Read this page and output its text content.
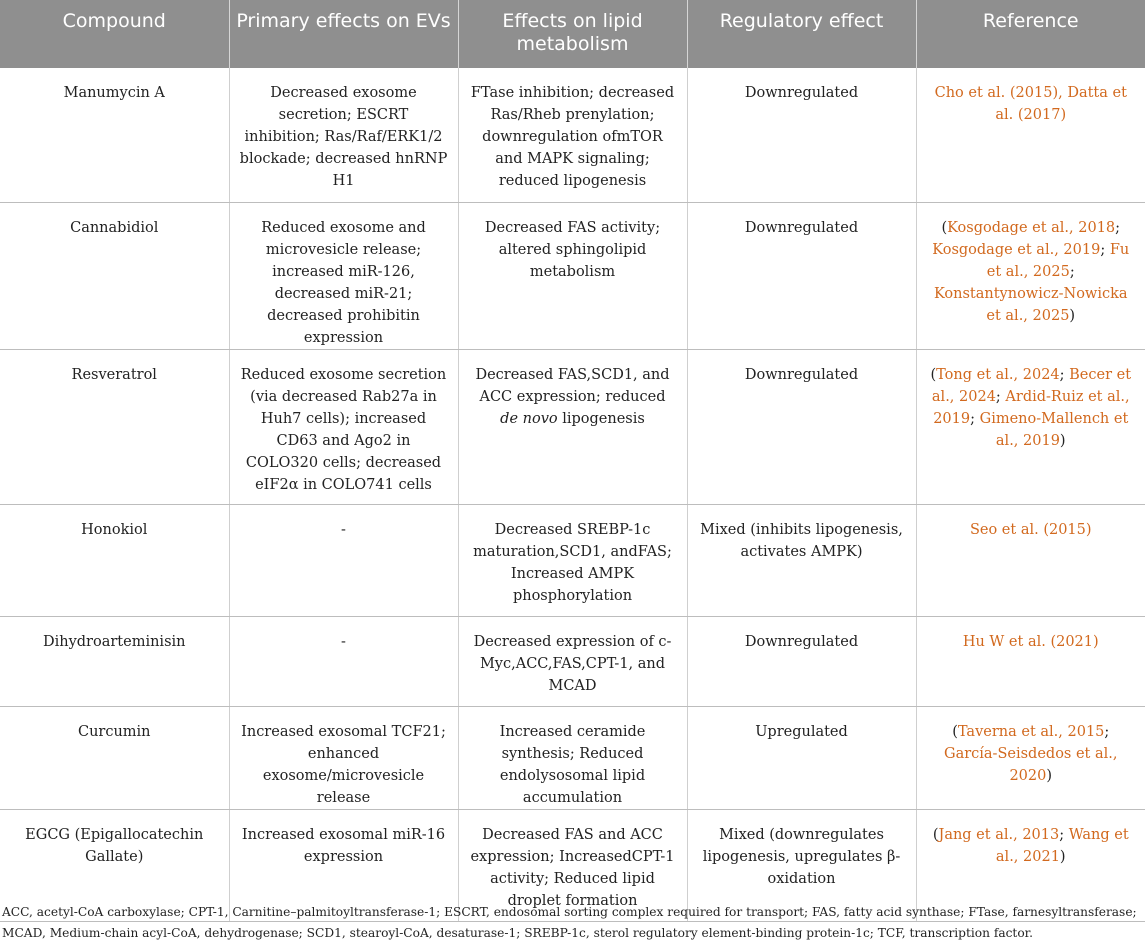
Compound	Primary effects on EVs	Effects on lipid metabolism	Regulatory effect	Reference
Manumycin A	Decreased exosome secretion; ESCRT inhibition; Ras/Raf/ERK1/2 blockade; decreased hnRNP H1	FTase inhibition; decreased Ras/Rheb prenylation; downregulation ofmTOR and MAPK signaling; reduced lipogenesis	Downregulated	Cho et al. (2015), Datta et al. (2017)
Cannabidiol	Reduced exosome and microvesicle release; increased miR-126, decreased miR-21; decreased prohibitin expression	Decreased FAS activity; altered sphingolipid metabolism	Downregulated	(Kosgodage et al., 2018; Kosgodage et al., 2019; Fu et al., 2025; Konstantynowicz-Nowicka et al., 2025)
Resveratrol	Reduced exosome secretion (via decreased Rab27a in Huh7 cells); increased CD63 and Ago2 in COLO320 cells; decreased eIF2α in COLO741 cells	Decreased FAS,SCD1, and ACC expression; reduced de novo lipogenesis	Downregulated	(Tong et al., 2024; Becer et al., 2024; Ardid-Ruiz et al., 2019; Gimeno-Mallench et al., 2019)
Honokiol	-	Decreased SREBP-1c maturation,SCD1, andFAS; Increased AMPK phosphorylation	Mixed (inhibits lipogenesis, activates AMPK)	Seo et al. (2015)
Dihydroarteminisin	-	Decreased expression of c-Myc,ACC,FAS,CPT-1, and MCAD	Downregulated	Hu W et al. (2021)
Curcumin	Increased exosomal TCF21; enhanced exosome/microvesicle release	Increased ceramide synthesis; Reduced endolysosomal lipid accumulation	Upregulated	(Taverna et al., 2015; García-Seisdedos et al., 2020)
EGCG (Epigallocatechin Gallate)	Increased exosomal miR-16 expression	Decreased FAS and ACC expression; IncreasedCPT-1 activity; Reduced lipid droplet formation	Mixed (downregulates lipogenesis, upregulates β-oxidation	(Jang et al., 2013; Wang et al., 2021)
ACC, acetyl-CoA carboxylase; CPT-1, Carnitine–palmitoyltransferase-1; ESCRT, endosomal sorting complex required for transport; FAS, fatty acid synthase; FTase, farnesyltransferase; MCAD, Medium-chain acyl-CoA, dehydrogenase; SCD1, stearoyl-CoA, desaturase-1; SREBP-1c, sterol regulatory element-binding protein-1c; TCF, transcription factor.
